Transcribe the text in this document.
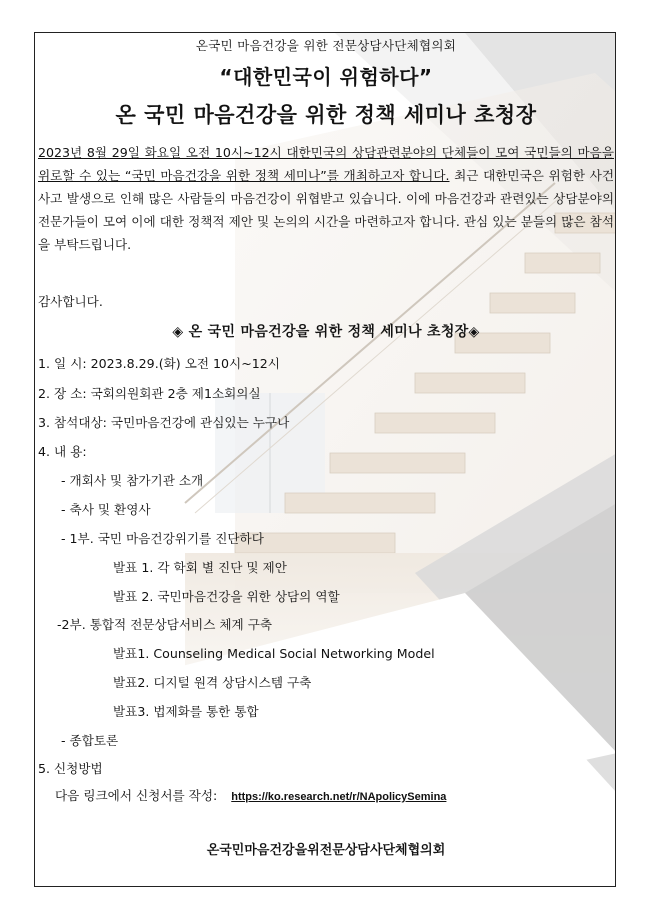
온국민 마음건강을 위한 전문상담사단체협의회
“대한민국이 위험하다”
온 국민 마음건강을 위한 정책 세미나 초청장

2023년 8월 29일 화요일 오전 10시~12시 대한민국의 상담관련분야의 단체들이 모여 국민들의 마음을 위로할 수 있는 “국민 마음건강을 위한 정책 세미나”를 개최하고자 합니다. 최근 대한민국은 위험한 사건 사고 발생으로 인해 많은 사람들의 마음건강이 위협받고 있습니다. 이에 마음건강과 관련있는 상담분야의 전문가들이 모여 이에 대한 정책적 제안 및 논의의 시간을 마련하고자 합니다. 관심 있는 분들의 많은 참석을 부탁드립니다.

감사합니다.
◈ 온 국민 마음건강을 위한 정책 세미나 초청장◈
1. 일 시: 2023.8.29.(화) 오전 10시~12시
2. 장 소: 국회의원회관 2층 제1소회의실
3. 참석대상: 국민마음건강에 관심있는 누구나
4. 내 용:
- 개회사 및 참가기관 소개
- 축사 및 환영사
- 1부. 국민 마음건강위기를 진단하다
발표 1. 각 학회 별 진단 및 제안
발표 2. 국민마음건강을 위한 상담의 역할
-2부. 통합적 전문상담서비스 체계 구축
발표1. Counseling Medical Social Networking Model
발표2. 디지털 원격 상담시스템 구축
발표3. 법제화를 통한 통합
- 종합토론
5. 신청방법
다음 링크에서 신청서를 작성: https://ko.research.net/r/NApolicySemina
온국민마음건강을위전문상담사단체협의회
